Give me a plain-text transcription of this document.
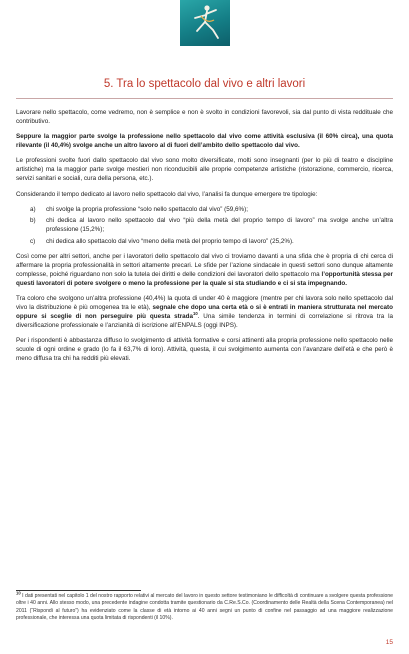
5. Tra lo spettacolo dal vivo e altri lavori

Lavorare nello spettacolo, come vedremo, non è semplice e non è svolto in condizioni favorevoli, sia dal punto di vista reddituale che contributivo.

Seppure la maggior parte svolge la professione nello spettacolo dal vivo come attività esclusiva (il 60% circa), una quota rilevante (il 40,4%) svolge anche un altro lavoro al di fuori dell’ambito dello spettacolo dal vivo.

Le professioni svolte fuori dallo spettacolo dal vivo sono molto diversificate, molti sono insegnanti (per lo più di teatro e discipline artistiche) ma la maggior parte svolge mestieri non riconducibili alle proprie competenze artistiche (ristorazione, commercio, ricerca, servizi sanitari e sociali, cura della persona, etc.).

Considerando il tempo dedicato al lavoro nello spettacolo dal vivo, l’analisi fa dunque emergere tre tipologie:

a) chi svolge la propria professione “solo nello spettacolo dal vivo” (59,6%);
b) chi dedica al lavoro nello spettacolo dal vivo “più della metà del proprio tempo di lavoro” ma svolge anche un’altra professione (15,2%);
c) chi dedica allo spettacolo dal vivo “meno della metà del proprio tempo di lavoro” (25,2%).

Così come per altri settori, anche per i lavoratori dello spettacolo dal vivo ci troviamo davanti a una sfida che è propria di chi cerca di affermare la propria professionalità in settori altamente precari. Le sfide per l’azione sindacale in questi settori sono dunque altamente complesse, poiché riguardano non solo la tutela dei diritti e delle condizioni dei lavoratori dello spettacolo ma l’opportunità stessa per questi lavoratori di potere svolgere o meno la professione per la quale si sta studiando e ci si sta impegnando.

Tra coloro che svolgono un’altra professione (40,4%) la quota di under 40 è maggiore (mentre per chi lavora solo nello spettacolo dal vivo la distribuzione è più omogenea tra le età), segnale che dopo una certa età o si è entrati in maniera strutturata nel mercato oppure si sceglie di non perseguire più questa strada$^{10}$. Una simile tendenza in termini di correlazione si ritrova tra la diversificazione professionale e l’anzianità di iscrizione all’ENPALS (oggi INPS).

Per i rispondenti è abbastanza diffuso lo svolgimento di attività formative e corsi attinenti alla propria professione nello spettacolo nelle scuole di ogni ordine e grado (lo fa il 63,7% di loro). Attività, questa, il cui svolgimento aumenta con l’avanzare dell’età e che però è meno diffusa tra chi ha redditi più elevati.

$^{10}$ I dati presentati nel capitolo 1 del nostro rapporto relativi al mercato del lavoro in questo settore testimoniano le difficoltà di continuare a svolgere questa professione oltre i 40 anni. Allo stesso modo, una precedente indagine condotta tramite questionario da C.Re.S.Co. (Coordinamento delle Realtà della Scena Contemporanea) nel 2011 (“Rispondi al futuro”) ha evidenziato come la classe di età intorno ai 40 anni segni un punto di confine nel passaggio ad una maggiore realizzazione professionale, che interessa una quota limitata di rispondenti (il 10%).
15
